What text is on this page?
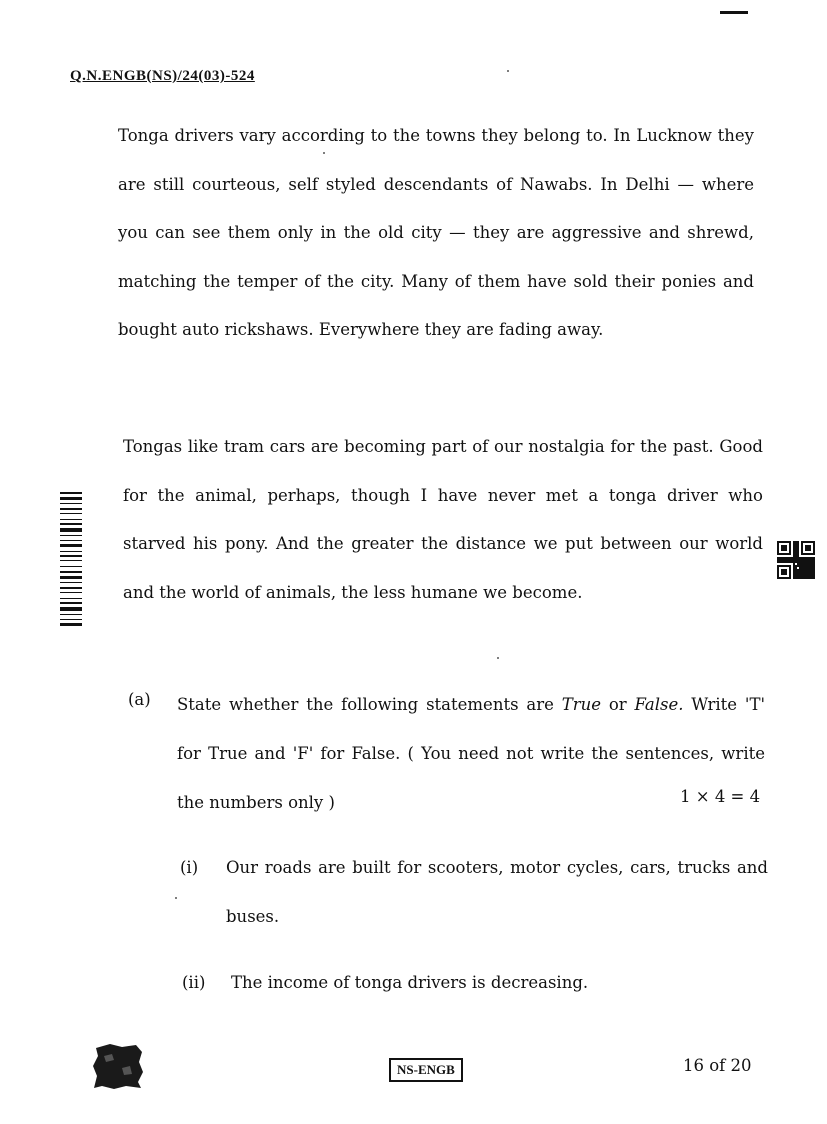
Q.N.ENGB(NS)/24(03)-524

Tonga drivers vary according to the towns they belong to. In Lucknow they are still courteous, self styled descendants of Nawabs. In Delhi — where you can see them only in the old city — they are aggressive and shrewd, matching the temper of the city. Many of them have sold their ponies and bought auto rickshaws. Everywhere they are fading away.

Tongas like tram cars are becoming part of our nostalgia for the past. Good for the animal, perhaps, though I have never met a tonga driver who starved his pony. And the greater the distance we put between our world and the world of animals, the less humane we become.

(a) State whether the following statements are True or False. Write 'T' for True and 'F' for False. ( You need not write the sentences, write the numbers only )	1 × 4 = 4
(i) Our roads are built for scooters, motor cycles, cars, trucks and buses.

(ii) The income of tonga drivers is decreasing.

NS-ENGB	16 of 20
